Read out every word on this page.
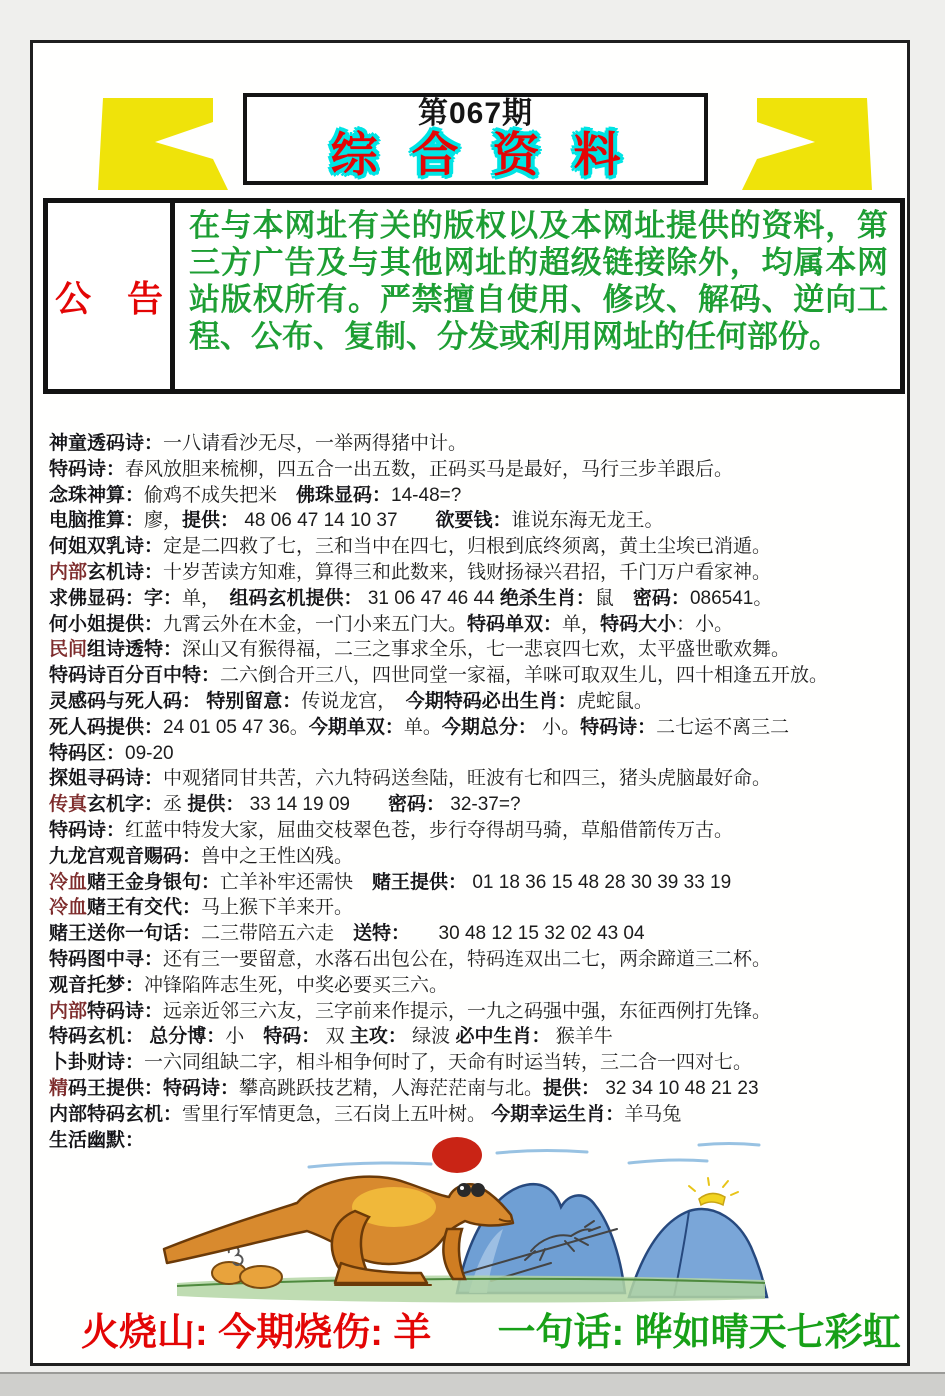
第067期
综合资料
公　告
在与本网址有关的版权以及本网址提供的资料，第三方广告及与其他网址的超级链接除外，均属本网站版权所有。严禁擅自使用、修改、解码、逆向工程、公布、复制、分发或利用网址的任何部份。
神童透码诗：一八请看沙无尽，一举两得猪中计。
特码诗：春风放胆来梳柳，四五合一出五数，正码买马是最好，马行三步羊跟后。
念珠神算：偷鸡不成失把米　佛珠显码：14-48=?
电脑推算：廖，提供： 48 06 47 14 10 37　　欲要钱：谁说东海无龙王。
何姐双乳诗：定是二四救了七，三和当中在四七，归根到底终须离，黄土尘埃已消遁。
内部玄机诗：十岁苦读方知难，算得三和此数来，钱财扬禄兴君招，千门万户看家神。
求佛显码：字：单，　组码玄机提供： 31 06 47 46 44 绝杀生肖：鼠　密码：086541。
何小姐提供：九霄云外在木金，一门小来五门大。特码单双：单，特码大小：小。
民间组诗透特：深山又有猴得福，二三之事求全乐，七一悲哀四七欢，太平盛世歌欢舞。
特码诗百分百中特：二六倒合开三八，四世同堂一家福，羊咪可取双生儿，四十相逢五开放。
灵感码与死人码： 特别留意：传说龙宫，　今期特码必出生肖：虎蛇鼠。
死人码提供：24 01 05 47 36。今期单双：单。今期总分： 小。特码诗：二七运不离三二
特码区：09-20
探姐寻码诗：中观猪同甘共苦，六九特码送叁陆，旺波有七和四三，猪头虎脑最好命。
传真玄机字：丞 提供： 33 14 19 09　　密码： 32-37=?
特码诗：红蓝中特发大家，屈曲交枝翠色苍，步行夺得胡马骑，草船借箭传万古。
九龙宫观音赐码：兽中之王性凶残。
冷血赌王金身银句：亡羊补牢还需快　赌王提供： 01 18 36 15 48 28 30 39 33 19
冷血赌王有交代：马上猴下羊来开。
赌王送你一句话：二三带陪五六走　送特：　　30 48 12 15 32 02 43 04
特码图中寻：还有三一要留意，水落石出包公在，特码连双出二七，两余蹄道三二杯。
观音托梦：冲锋陷阵志生死，中奖必要买三六。
内部特码诗：远亲近邻三六友，三字前来作提示，一九之码强中强，东征西例打先锋。
特码玄机： 总分博：小　特码： 双 主攻： 绿波 必中生肖： 猴羊牛
卜卦财诗：一六同组缺二字，相斗相争何时了，天命有时运当转，三二合一四对七。
精码王提供：特码诗：攀高跳跃技艺精，人海茫茫南与北。提供： 32 34 10 48 21 23
内部特码玄机：雪里行军情更急，三石岗上五叶树。 今期幸运生肖：羊马兔
生活幽默：
火烧山: 今期烧伤: 羊 一句话: 晔如晴天七彩虹
